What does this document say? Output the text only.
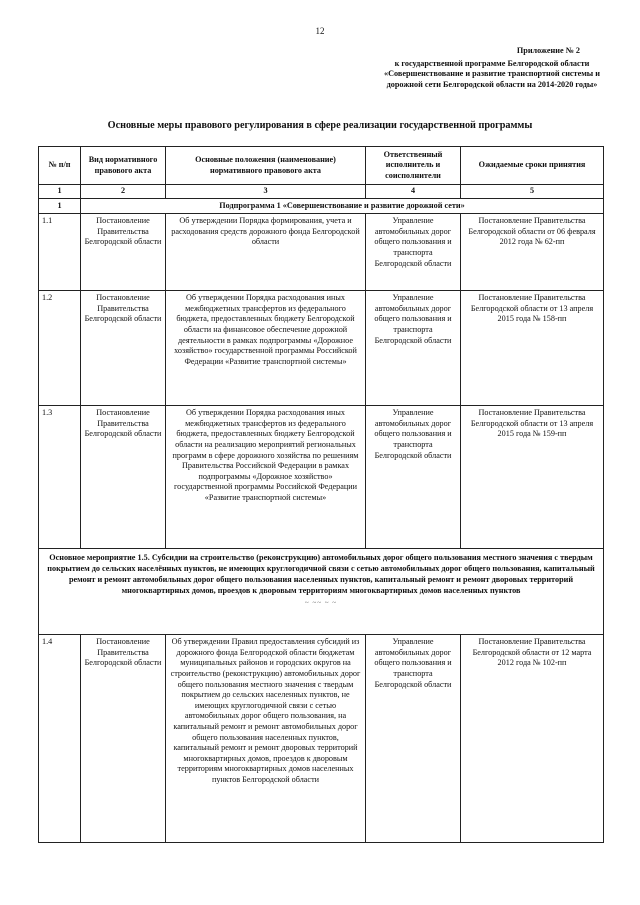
12
Приложение № 2
к государственной программе Белгородской области
«Совершенствование и развитие транспортной системы и
дорожной сети Белгородской области на 2014-2020 годы»
Основные меры правового регулирования в сфере реализации государственной программы
№ п/п	Вид нормативного правового акта	Основные положения (наименование) нормативного правового акта	Ответственный исполнитель и соисполнители	Ожидаемые сроки принятия
1	2	3	4	5
1	Подпрограмма 1 «Совершенствование и развитие дорожной сети»			
1.1	Постановление Правительства Белгородской области	Об утверждении Порядка формирования, учета и расходования средств дорожного фонда Белгородской области	Управление автомобильных дорог общего пользования и транспорта Белгородской области	Постановление Правительства Белгородской области от 06 февраля 2012 года № 62-пп
1.2	Постановление Правительства Белгородской области	Об утверждении Порядка расходования иных межбюджетных трансфертов из федерального бюджета, предоставленных бюджету Белгородской области на финансовое обеспечение дорожной деятельности в рамках подпрограммы «Дорожное хозяйство» государственной программы Российской Федерации «Развитие транспортной системы»	Управление автомобильных дорог общего пользования и транспорта Белгородской области	Постановление Правительства Белгородской области от 13 апреля 2015 года № 158-пп
1.3	Постановление Правительства Белгородской области	Об утверждении Порядка расходования иных межбюджетных трансфертов из федерального бюджета, предоставленных бюджету Белгородской области на реализацию мероприятий региональных программ в сфере дорожного хозяйства по решениям Правительства Российской Федерации в рамках подпрограммы «Дорожное хозяйство» государственной программы Российской Федерации «Развитие транспортной системы»	Управление автомобильных дорог общего пользования и транспорта Белгородской области	Постановление Правительства Белгородской области от 13 апреля 2015 года № 159-пп
Основное мероприятие 1.5. Субсидии на строительство (реконструкцию) автомобильных дорог общего пользования местного значения с твердым покрытием до сельских населённых пунктов, не имеющих круглогодичной связи с сетью автомобильных дорог общего пользования, капитальный ремонт и ремонт автомобильных дорог общего пользования населенных пунктов, капитальный ремонт и ремонт дворовых территорий многоквартирных домов, проездов к дворовым территориям многоквартирных домов населенных пунктов
~ ~~ ~ ~				

1.4	Постановление Правительства Белгородской области	Об утверждении Правил предоставления субсидий из дорожного фонда Белгородской области бюджетам муниципальных районов и городских округов на строительство (реконструкцию) автомобильных дорог общего пользования местного значения с твердым покрытием до сельских населенных пунктов, не имеющих круглогодичной связи с сетью автомобильных дорог общего пользования, на капитальный ремонт и ремонт автомобильных дорог общего пользования населенных пунктов, капитальный ремонт и ремонт дворовых территорий многоквартирных домов, проездов к дворовым территориям многоквартирных домов населенных пунктов Белгородской области	Управление автомобильных дорог общего пользования и транспорта Белгородской области	Постановление Правительства Белгородской области от 12 марта 2012 года № 102-пп
